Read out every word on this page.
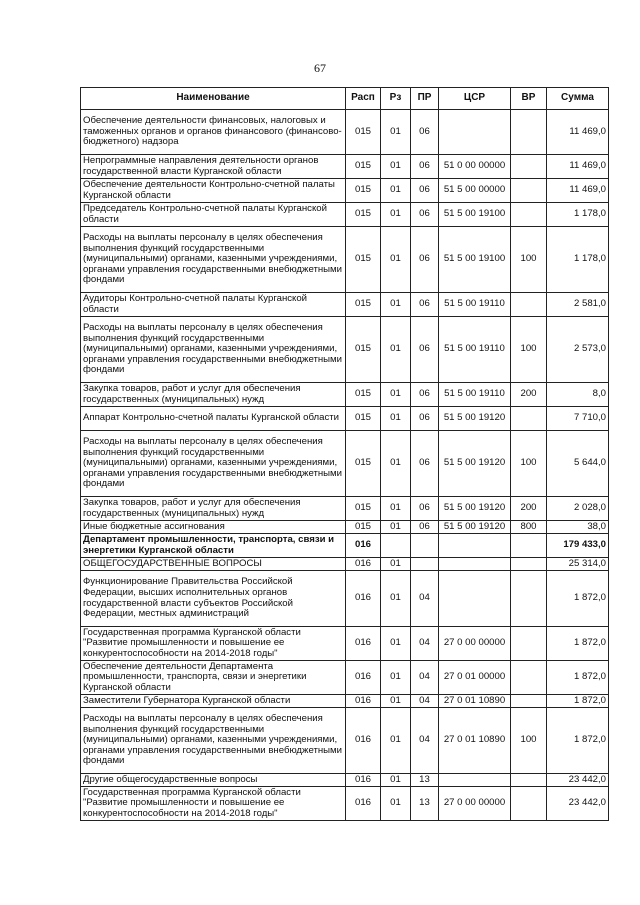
67
Наименование	Расп	Рз	ПР	ЦСР	ВР	Сумма
Обеспечение деятельности финансовых, налоговых и таможенных органов и органов финансового (финансово-бюджетного) надзора	015	01	06			11 469,0
Непрограммные направления деятельности органов государственной власти Курганской области	015	01	06	51 0 00 00000		11 469,0
Обеспечение деятельности Контрольно-счетной палаты Курганской области	015	01	06	51 5 00 00000		11 469,0
Председатель Контрольно-счетной палаты Курганской области	015	01	06	51 5 00 19100		1 178,0
Расходы на выплаты персоналу в целях обеспечения выполнения функций государственными (муниципальными) органами, казенными учреждениями, органами управления государственными внебюджетными фондами	015	01	06	51 5 00 19100	100	1 178,0
Аудиторы Контрольно-счетной палаты Курганской области	015	01	06	51 5 00 19110		2 581,0
Расходы на выплаты персоналу в целях обеспечения выполнения функций государственными (муниципальными) органами, казенными учреждениями, органами управления государственными внебюджетными фондами	015	01	06	51 5 00 19110	100	2 573,0
Закупка товаров, работ и услуг для обеспечения государственных (муниципальных) нужд	015	01	06	51 5 00 19110	200	8,0
Аппарат Контрольно-счетной палаты Курганской области	015	01	06	51 5 00 19120		7 710,0
Расходы на выплаты персоналу в целях обеспечения выполнения функций государственными (муниципальными) органами, казенными учреждениями, органами управления государственными внебюджетными фондами	015	01	06	51 5 00 19120	100	5 644,0
Закупка товаров, работ и услуг для обеспечения государственных (муниципальных) нужд	015	01	06	51 5 00 19120	200	2 028,0
Иные бюджетные ассигнования	015	01	06	51 5 00 19120	800	38,0
Департамент промышленности, транспорта, связи и энергетики Курганской области	016					179 433,0
ОБЩЕГОСУДАРСТВЕННЫЕ ВОПРОСЫ	016	01				25 314,0
Функционирование Правительства Российской Федерации, высших исполнительных органов государственной власти субъектов Российской Федерации, местных администраций	016	01	04			1 872,0
Государственная программа Курганской области "Развитие промышленности и повышение ее конкурентоспособности на 2014-2018 годы"	016	01	04	27 0 00 00000		1 872,0
Обеспечение деятельности Департамента промышленности, транспорта, связи и энергетики Курганской области	016	01	04	27 0 01 00000		1 872,0
Заместители Губернатора Курганской области	016	01	04	27 0 01 10890		1 872,0
Расходы на выплаты персоналу в целях обеспечения выполнения функций государственными (муниципальными) органами, казенными учреждениями, органами управления государственными внебюджетными фондами	016	01	04	27 0 01 10890	100	1 872,0
Другие общегосударственные вопросы	016	01	13			23 442,0
Государственная программа Курганской области "Развитие промышленности и повышение ее конкурентоспособности на 2014-2018 годы"	016	01	13	27 0 00 00000		23 442,0
